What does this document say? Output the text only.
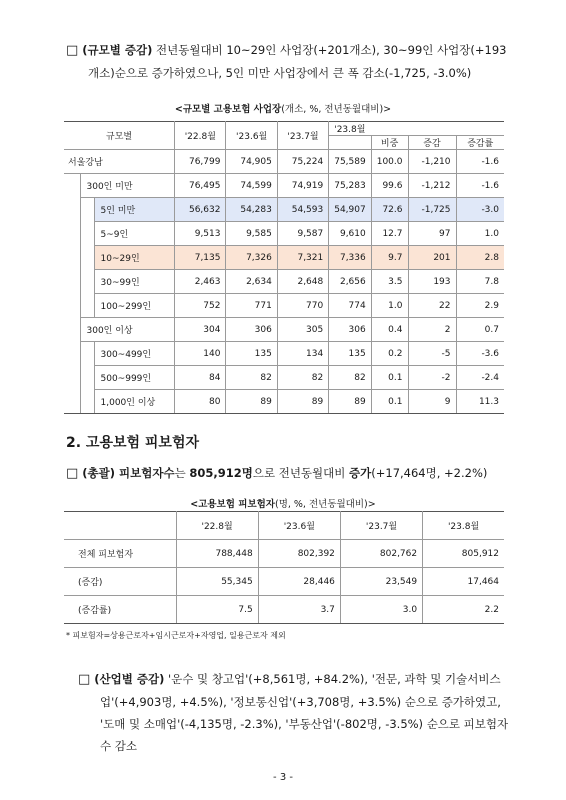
□ (규모별 증감) 전년동월대비 10~29인 사업장(+201개소), 30~99인 사업장(+193개소)순으로 증가하였으나, 5인 미만 사업장에서 큰 폭 감소(-1,725, -3.0%)
<규모별 고용보험 사업장(개소, %, 전년동월대비)>
규모별			'22.8월	'23.6월	'23.7월	'23.8월			
							비중	증감	증감률
서울강남			76,799	74,905	75,224	75,589	100.0	-1,210	-1.6
	300인 미만		76,495	74,599	74,919	75,283	99.6	-1,212	-1.6
		5인 미만	56,632	54,283	54,593	54,907	72.6	-1,725	-3.0
		5~9인	9,513	9,585	9,587	9,610	12.7	97	1.0
		10~29인	7,135	7,326	7,321	7,336	9.7	201	2.8
		30~99인	2,463	2,634	2,648	2,656	3.5	193	7.8
		100~299인	752	771	770	774	1.0	22	2.9
	300인 이상		304	306	305	306	0.4	2	0.7
		300~499인	140	135	134	135	0.2	-5	-3.6
		500~999인	84	82	82	82	0.1	-2	-2.4
		1,000인 이상	80	89	89	89	0.1	9	11.3
2. 고용보험 피보험자
□ (총괄) 피보험자수는 805,912명으로 전년동월대비 증가(+17,464명, +2.2%)
<고용보험 피보험자(명, %, 전년동월대비)>
	'22.8월	'23.6월	'23.7월	'23.8월
전체 피보험자	788,448	802,392	802,762	805,912
(증감)	55,345	28,446	23,549	17,464
(증감률)	7.5	3.7	3.0	2.2
* 피보험자=상용근로자+임시근로자+자영업, 일용근로자 제외
□ (산업별 증감) '운수 및 창고업'(+8,561명, +84.2%), '전문, 과학 및 기술서비스업'(+4,903명, +4.5%), '정보통신업'(+3,708명, +3.5%) 순으로 증가하였고, '도매 및 소매업'(-4,135명, -2.3%), '부동산업'(-802명, -3.5%) 순으로 피보험자 수 감소
- 3 -
